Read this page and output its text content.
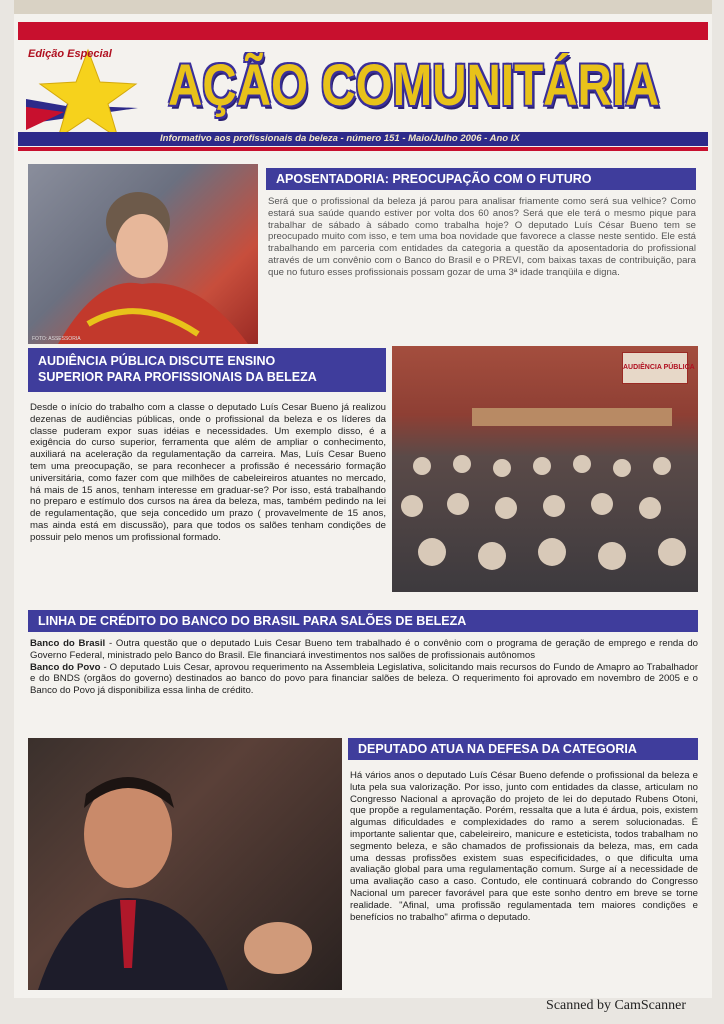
Edição Especial AÇÃO COMUNITÁRIA
Informativo aos profissionais da beleza - número 151 - Maio/Julho 2006 - Ano IX
FOTO: ASSESSORIA
APOSENTADORIA: PREOCUPAÇÃO COM O FUTURO
Será que o profissional da beleza já parou para analisar friamente como será sua velhice? Como estará sua saúde quando estiver por volta dos 60 anos? Será que ele terá o mesmo pique para trabalhar de sábado à sábado como trabalha hoje? O deputado Luís César Bueno tem se preocupado muito com isso, e tem uma boa novidade que favorece a classe neste sentido. Ele está trabalhando em parceria com entidades da categoria a questão da aposentadoria do profissional através de um convênio com o Banco do Brasil e o PREVI, com baixas taxas de contribuição, para que no futuro esses profissionais possam gozar de uma 3ª idade tranqüila e digna.
AUDIÊNCIA PÚBLICA DISCUTE ENSINO
SUPERIOR PARA PROFISSIONAIS DA BELEZA
Desde o início do trabalho com a classe o deputado Luís Cesar Bueno já realizou dezenas de audiências públicas, onde o profissional da beleza e os líderes da classe puderam expor suas idéias e necessidades. Um exemplo disso, é a exigência do curso superior, ferramenta que além de ampliar o conhecimento, auxiliará na aceleração da regulamentação da carreira. Mas, Luís Cesar Bueno tem uma preocupação, se para reconhecer a profissão é necessário formação universitária, como fazer com que milhões de cabeleireiros atuantes no mercado, há mais de 15 anos, tenham interesse em graduar-se? Por isso, está trabalhando no preparo e estímulo dos cursos na área da beleza, mas, também pedindo na lei de regulamentação, que seja concedido um prazo ( provavelmente de 15 anos, mas ainda está em discussão), para que todos os salões tenham condições de possuir pelo menos um profissional formado.
AUDIÊNCIA PÚBLICA
LINHA DE CRÉDITO DO BANCO DO BRASIL PARA SALÕES DE BELEZA
Banco do Brasil - Outra questão que o deputado Luis Cesar Bueno tem trabalhado é o convênio com o programa de geração de emprego e renda do Governo Federal, ministrado pelo Banco do Brasil. Ele financiará investimentos nos salões de profissionais autônomos
Banco do Povo - O deputado Luis Cesar, aprovou requerimento na Assembleia Legislativa, solicitando mais recursos do Fundo de Amapro ao Trabalhador e do BNDS (orgãos do governo) destinados ao banco do povo para financiar salões de beleza. O requerimento foi aprovado em novembro de 2005 e o Banco do Povo já disponibiliza essa linha de crédito.
DEPUTADO ATUA NA DEFESA DA CATEGORIA
Há vários anos o deputado Luís César Bueno defende o profissional da beleza e luta pela sua valorização. Por isso, junto com entidades da classe, articulam no Congresso Nacional a aprovação do projeto de lei do deputado Rubens Otoni, que propõe a regulamentação. Porém, ressalta que a luta é árdua, pois, existem algumas dificuldades e complexidades do ramo a serem solucionadas. É importante salientar que, cabeleireiro, manicure e esteticista, todos trabalham no segmento beleza, e são chamados de profissionais da beleza, mas, em cada uma dessas profissões existem suas especificidades, o que dificulta uma avaliação global para uma regulamentação comum. Surge aí a necessidade de uma avaliação caso a caso. Contudo, ele continuará cobrando do Congresso Nacional um parecer favorável para que este sonho dentro em breve se torne realidade. "Afinal, uma profissão regulamentada tem maiores condições e benefícios no trabalho" afirma o deputado.
Scanned by CamScanner
